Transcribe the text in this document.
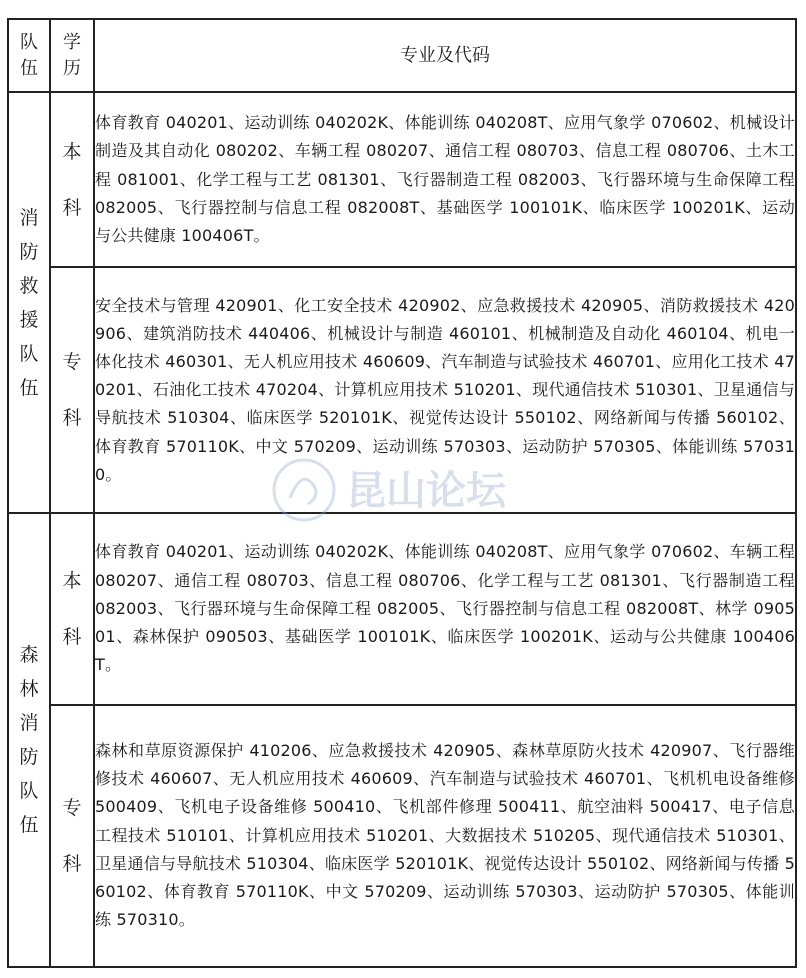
队伍	学历	专业及代码
消防救援队伍	本科	体育教育 040201、运动训练 040202K、体能训练 040208T、应用气象学 070602、机械设计制造及其自动化 080202、车辆工程 080207、通信工程 080703、信息工程 080706、土木工程 081001、化学工程与工艺 081301、飞行器制造工程 082003、飞行器环境与生命保障工程 082005、飞行器控制与信息工程 082008T、基础医学 100101K、临床医学 100201K、运动与公共健康 100406T。
	专科	安全技术与管理 420901、化工安全技术 420902、应急救援技术 420905、消防救援技术 420906、建筑消防技术 440406、机械设计与制造 460101、机械制造及自动化 460104、机电一体化技术 460301、无人机应用技术 460609、汽车制造与试验技术 460701、应用化工技术 470201、石油化工技术 470204、计算机应用技术 510201、现代通信技术 510301、卫星通信与导航技术 510304、临床医学 520101K、视觉传达设计 550102、网络新闻与传播 560102、体育教育 570110K、中文 570209、运动训练 570303、运动防护 570305、体能训练 570310。
森林消防队伍	本科	体育教育 040201、运动训练 040202K、体能训练 040208T、应用气象学 070602、车辆工程 080207、通信工程 080703、信息工程 080706、化学工程与工艺 081301、飞行器制造工程 082003、飞行器环境与生命保障工程 082005、飞行器控制与信息工程 082008T、林学 090501、森林保护 090503、基础医学 100101K、临床医学 100201K、运动与公共健康 100406T。
	专科	森林和草原资源保护 410206、应急救援技术 420905、森林草原防火技术 420907、飞行器维修技术 460607、无人机应用技术 460609、汽车制造与试验技术 460701、飞机机电设备维修 500409、飞机电子设备维修 500410、飞机部件修理 500411、航空油料 500417、电子信息工程技术 510101、计算机应用技术 510201、大数据技术 510205、现代通信技术 510301、卫星通信与导航技术 510304、临床医学 520101K、视觉传达设计 550102、网络新闻与传播 560102、体育教育 570110K、中文 570209、运动训练 570303、运动防护 570305、体能训练 570310。
昆山论坛
